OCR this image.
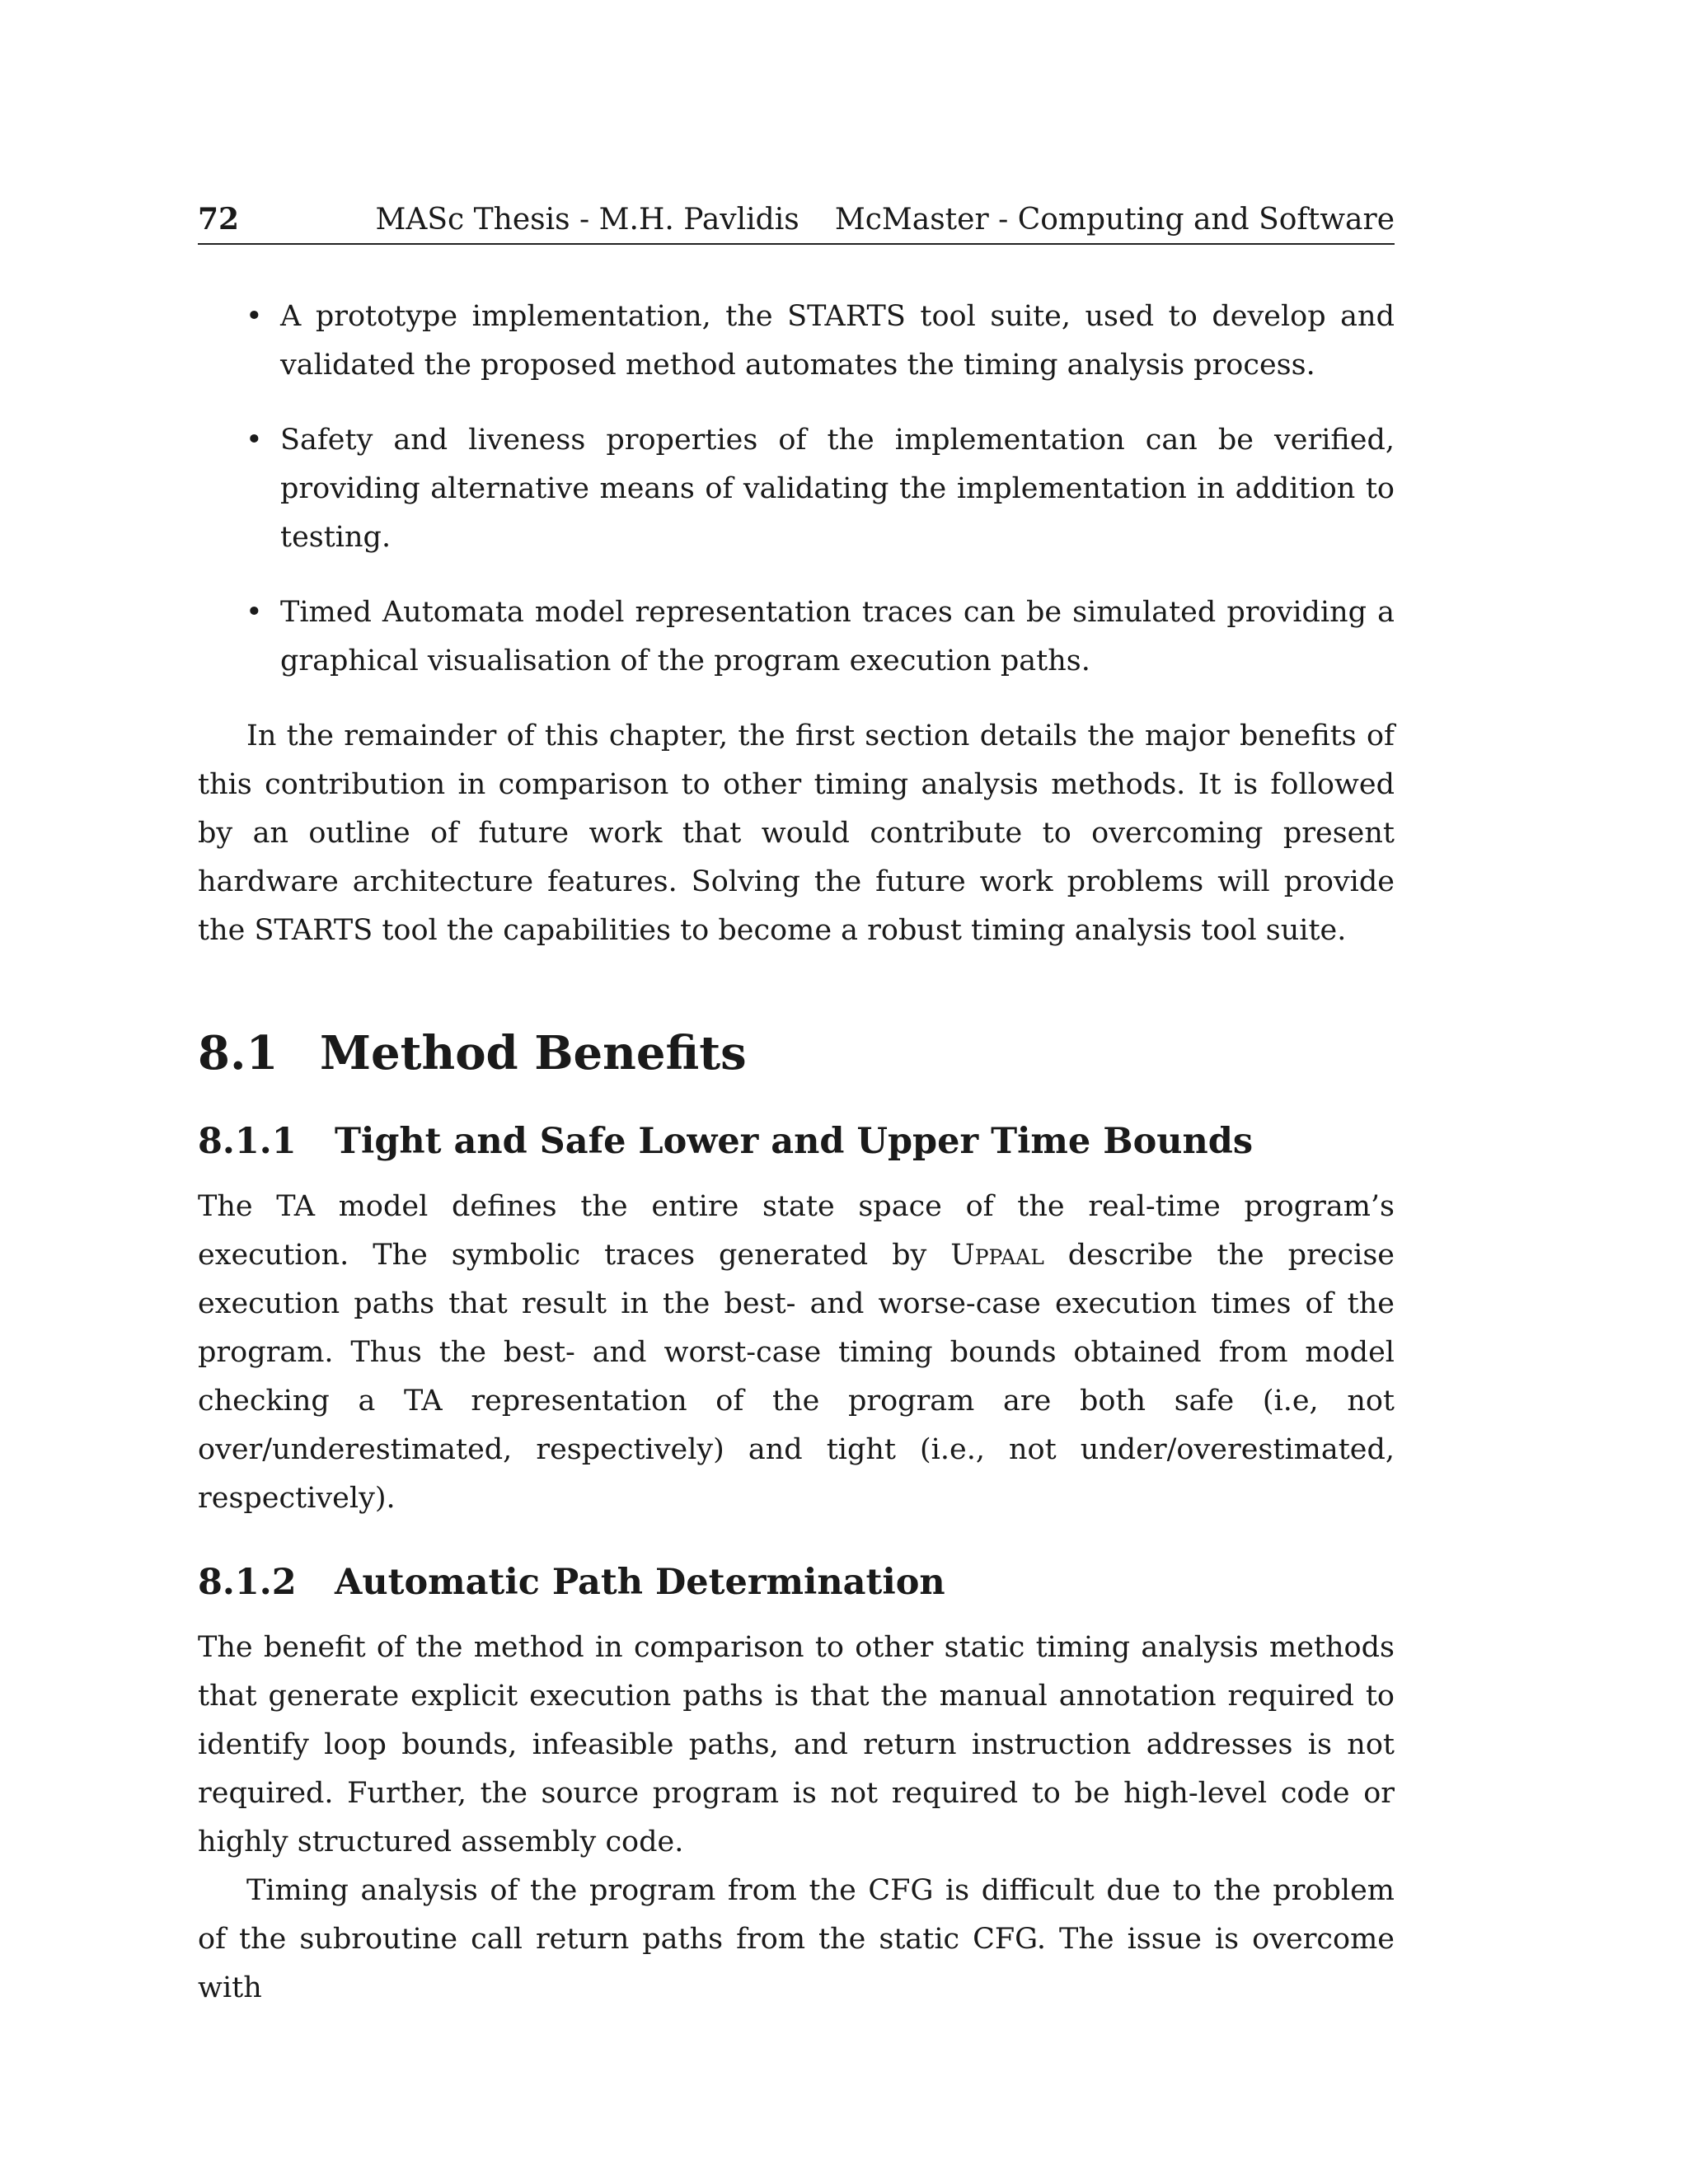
72	MASc Thesis - M.H. Pavlidis	McMaster - Computing and Software
• A prototype implementation, the STARTS tool suite, used to develop and validated the proposed method automates the timing analysis process.
• Safety and liveness properties of the implementation can be verified, providing alternative means of validating the implementation in addition to testing.
• Timed Automata model representation traces can be simulated providing a graphical visualisation of the program execution paths.

In the remainder of this chapter, the first section details the major benefits of this contribution in comparison to other timing analysis methods. It is followed by an outline of future work that would contribute to overcoming present hardware architecture features. Solving the future work problems will provide the STARTS tool the capabilities to become a robust timing analysis tool suite.

8.1 Method Benefits
8.1.1	Tight and Safe Lower and Upper Time Bounds

The TA model defines the entire state space of the real-time program’s execution. The symbolic traces generated by Uppaal describe the precise execution paths that result in the best- and worse-case execution times of the program. Thus the best- and worst-case timing bounds obtained from model checking a TA representation of the program are both safe (i.e, not over/underestimated, respectively) and tight (i.e., not under/overestimated, respectively).

8.1.2	Automatic Path Determination

The benefit of the method in comparison to other static timing analysis methods that generate explicit execution paths is that the manual annotation required to identify loop bounds, infeasible paths, and return instruction addresses is not required. Further, the source program is not required to be high-level code or highly structured assembly code.

Timing analysis of the program from the CFG is difficult due to the problem of the subroutine call return paths from the static CFG. The issue is overcome with
